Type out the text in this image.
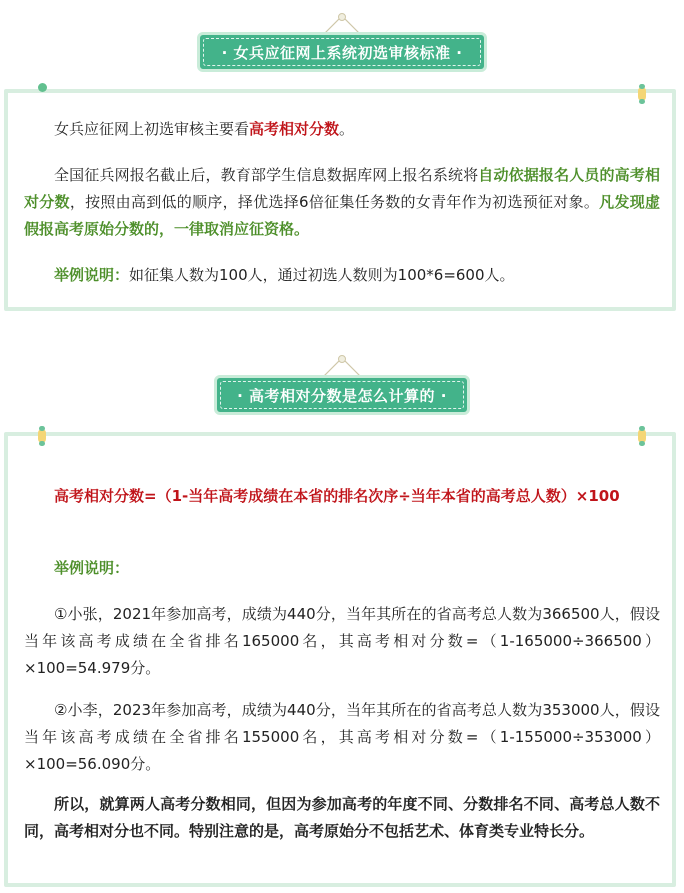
· 女兵应征网上系统初选审核标准 ·

女兵应征网上初选审核主要看高考相对分数。

全国征兵网报名截止后，教育部学生信息数据库网上报名系统将自动依据报名人员的高考相对分数，按照由高到低的顺序，择优选择6倍征集任务数的女青年作为初选预征对象。凡发现虚假报高考原始分数的，一律取消应征资格。

举例说明：如征集人数为100人，通过初选人数则为100*6=600人。

· 高考相对分数是怎么计算的 ·

高考相对分数=（1-当年高考成绩在本省的排名次序÷当年本省的高考总人数）×100

举例说明：

①小张，2021年参加高考，成绩为440分，当年其所在的省高考总人数为366500人，假设当年该高考成绩在全省排名165000名，其高考相对分数=（1-165000÷366500）×100=54.979分。

②小李，2023年参加高考，成绩为440分，当年其所在的省高考总人数为353000人，假设当年该高考成绩在全省排名155000名，其高考相对分数=（1-155000÷353000）×100=56.090分。

所以，就算两人高考分数相同，但因为参加高考的年度不同、分数排名不同、高考总人数不同，高考相对分也不同。特别注意的是，高考原始分不包括艺术、体育类专业特长分。
